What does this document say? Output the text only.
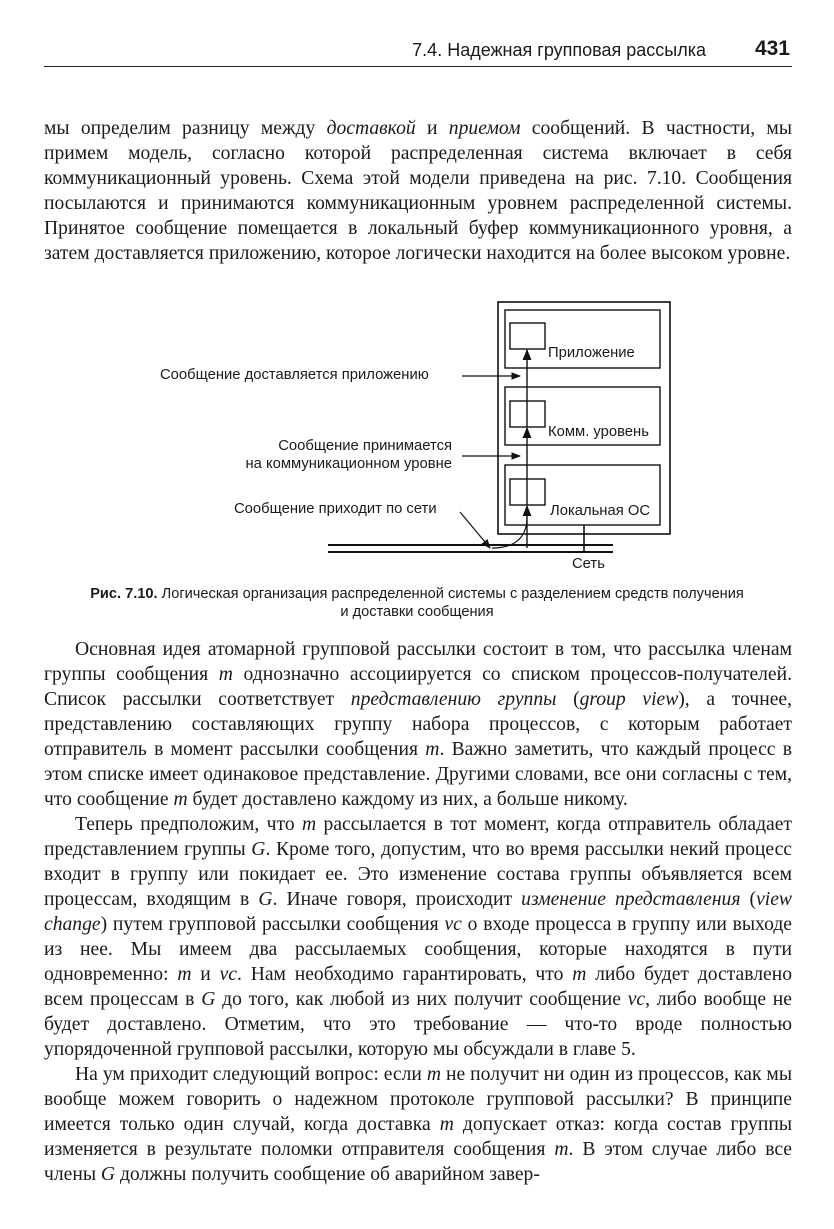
7.4. Надежная групповая рассылка 431

мы определим разницу между доставкой и приемом сообщений. В частности, мы примем модель, согласно которой распределенная система включает в себя коммуникационный уровень. Схема этой модели приведена на рис. 7.10. Сообщения посылаются и принимаются коммуникационным уровнем распределенной системы. Принятое сообщение помещается в локальный буфер коммуникационного уровня, а затем доставляется приложению, которое логически находится на более высоком уровне.

Приложение
Комм. уровень
Локальная ОС
Сеть
Сообщение доставляется приложению
Сообщение принимается
на коммуникационном уровне
Сообщение приходит по сети
Рис. 7.10. Логическая организация распределенной системы с разделением средств получения и доставки сообщения

Основная идея атомарной групповой рассылки состоит в том, что рассылка членам группы сообщения m однозначно ассоциируется со списком процессов-получателей. Список рассылки соответствует представлению группы (group view), а точнее, представлению составляющих группу набора процессов, с которым работает отправитель в момент рассылки сообщения m. Важно заметить, что каждый процесс в этом списке имеет одинаковое представление. Другими словами, все они согласны с тем, что сообщение m будет доставлено каждому из них, а больше никому.

Теперь предположим, что m рассылается в тот момент, когда отправитель обладает представлением группы G. Кроме того, допустим, что во время рассылки некий процесс входит в группу или покидает ее. Это изменение состава группы объявляется всем процессам, входящим в G. Иначе говоря, происходит изменение представления (view change) путем групповой рассылки сообщения vc о входе процесса в группу или выходе из нее. Мы имеем два рассылаемых сообщения, которые находятся в пути одновременно: m и vc. Нам необходимо гарантировать, что m либо будет доставлено всем процессам в G до того, как любой из них получит сообщение vc, либо вообще не будет доставлено. Отметим, что это требование — что-то вроде полностью упорядоченной групповой рассылки, которую мы обсуждали в главе 5.

На ум приходит следующий вопрос: если m не получит ни один из процессов, как мы вообще можем говорить о надежном протоколе групповой рассылки? В принципе имеется только один случай, когда доставка m допускает отказ: когда состав группы изменяется в результате поломки отправителя сообщения m. В этом случае либо все члены G должны получить сообщение об аварийном завер-
